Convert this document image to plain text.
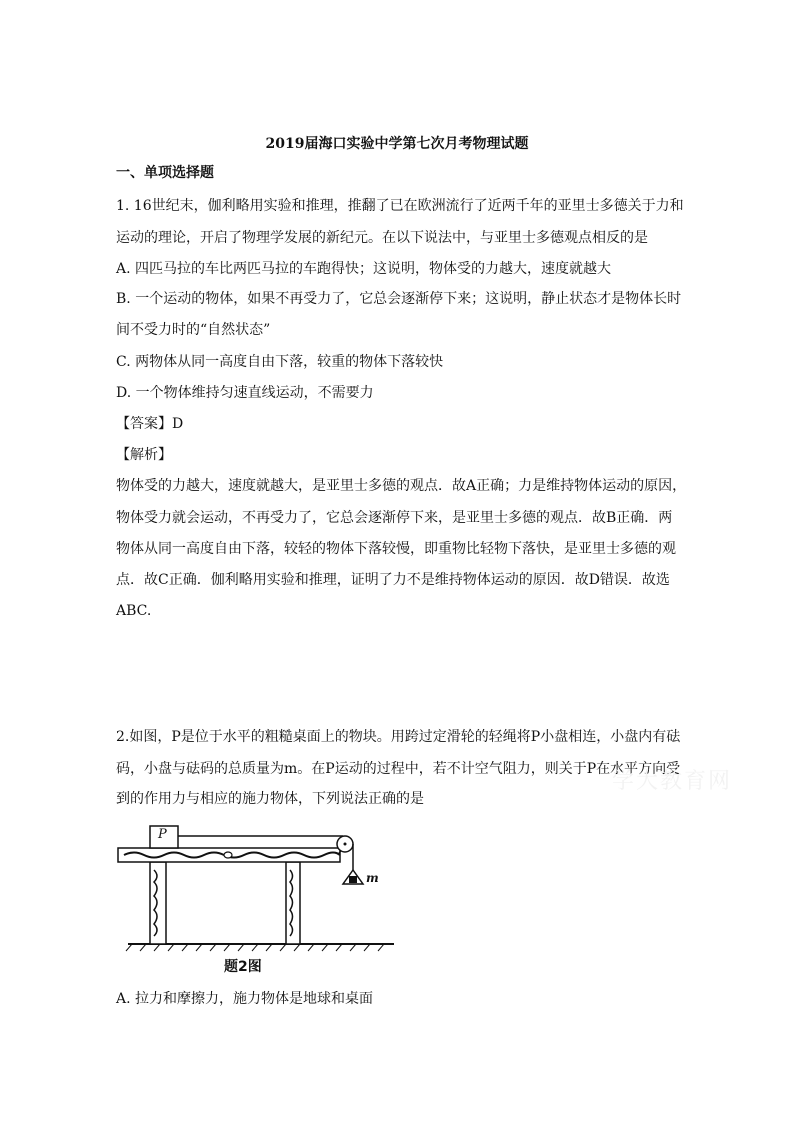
2019届海口实验中学第七次月考物理试题
一、单项选择题
1. 16世纪末，伽利略用实验和推理，推翻了已在欧洲流行了近两千年的亚里士多德关于力和
运动的理论，开启了物理学发展的新纪元。在以下说法中，与亚里士多德观点相反的是
A. 四匹马拉的车比两匹马拉的车跑得快；这说明，物体受的力越大，速度就越大
B. 一个运动的物体，如果不再受力了，它总会逐渐停下来；这说明，静止状态才是物体长时
间不受力时的“自然状态”
C. 两物体从同一高度自由下落，较重的物体下落较快
D. 一个物体维持匀速直线运动，不需要力
【答案】D
【解析】
物体受的力越大，速度就越大，是亚里士多德的观点．故A正确；力是维持物体运动的原因，
物体受力就会运动，不再受力了，它总会逐渐停下来，是亚里士多德的观点．故B正确．两
物体从同一高度自由下落，较轻的物体下落较慢，即重物比轻物下落快，是亚里士多德的观
点．故C正确．伽利略用实验和推理，证明了力不是维持物体运动的原因．故D错误．故选
ABC.
2.如图，P是位于水平的粗糙桌面上的物块。用跨过定滑轮的轻绳将P小盘相连，小盘内有砝
码，小盘与砝码的总质量为m。在P运动的过程中，若不计空气阻力，则关于P在水平方向受
到的作用力与相应的施力物体，下列说法正确的是
学大教育网
P
m
题2图
A. 拉力和摩擦力，施力物体是地球和桌面
